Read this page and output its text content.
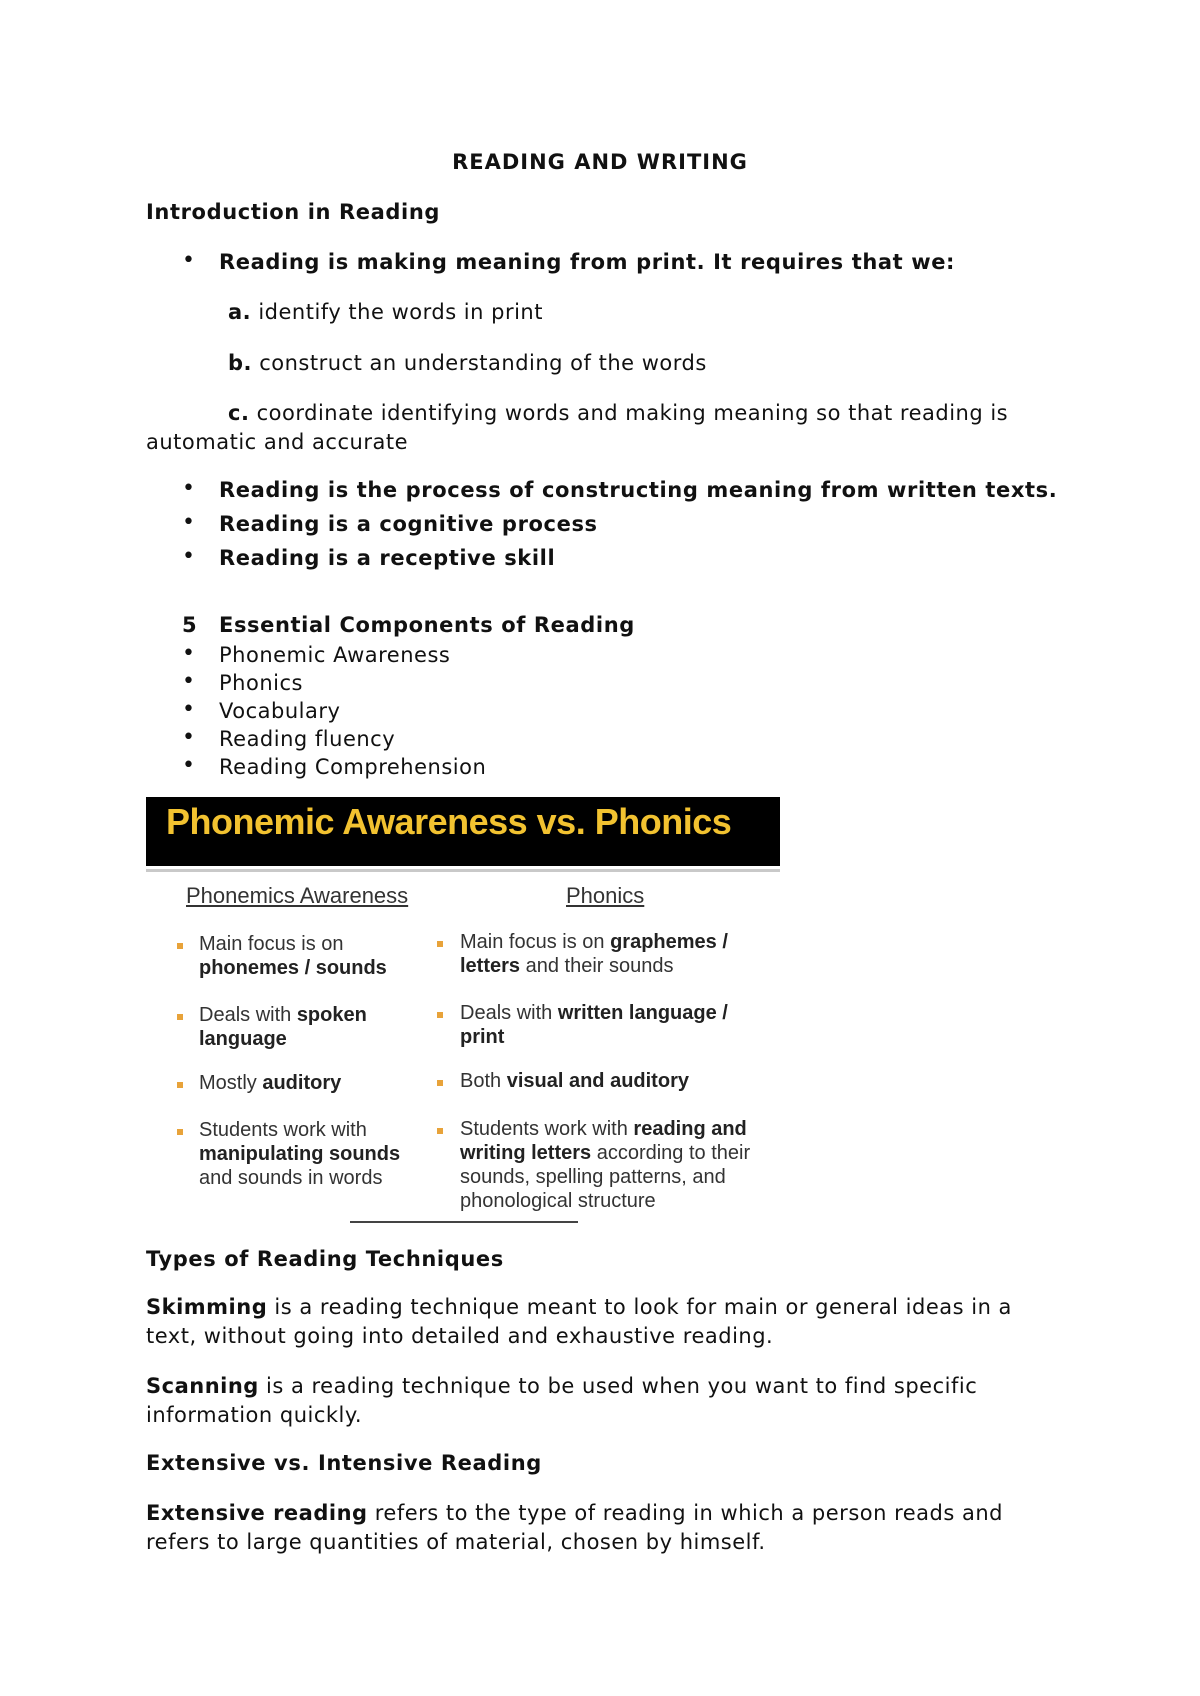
READING AND WRITING
Introduction in Reading
• Reading is making meaning from print. It requires that we:
a. identify the words in print
b. construct an understanding of the words
c. coordinate identifying words and making meaning so that reading is
automatic and accurate
• Reading is the process of constructing meaning from written texts.
• Reading is a cognitive process
• Reading is a receptive skill
5 Essential Components of Reading
• Phonemic Awareness
• Phonics
• Vocabulary
• Reading fluency
• Reading Comprehension
Phonemic Awareness vs. Phonics
Phonemics Awareness	Phonics
Main focus is on phonemes / sounds
Deals with spoken language
Mostly auditory
Students work with manipulating sounds and sounds in words
Main focus is on graphemes / letters and their sounds
Deals with written language / print
Both visual and auditory
Students work with reading and writing letters according to their sounds, spelling patterns, and phonological structure
Types of Reading Techniques
Skimming is a reading technique meant to look for main or general ideas in a text, without going into detailed and exhaustive reading.
Scanning is a reading technique to be used when you want to find specific information quickly.
Extensive vs. Intensive Reading
Extensive reading refers to the type of reading in which a person reads and refers to large quantities of material, chosen by himself.
